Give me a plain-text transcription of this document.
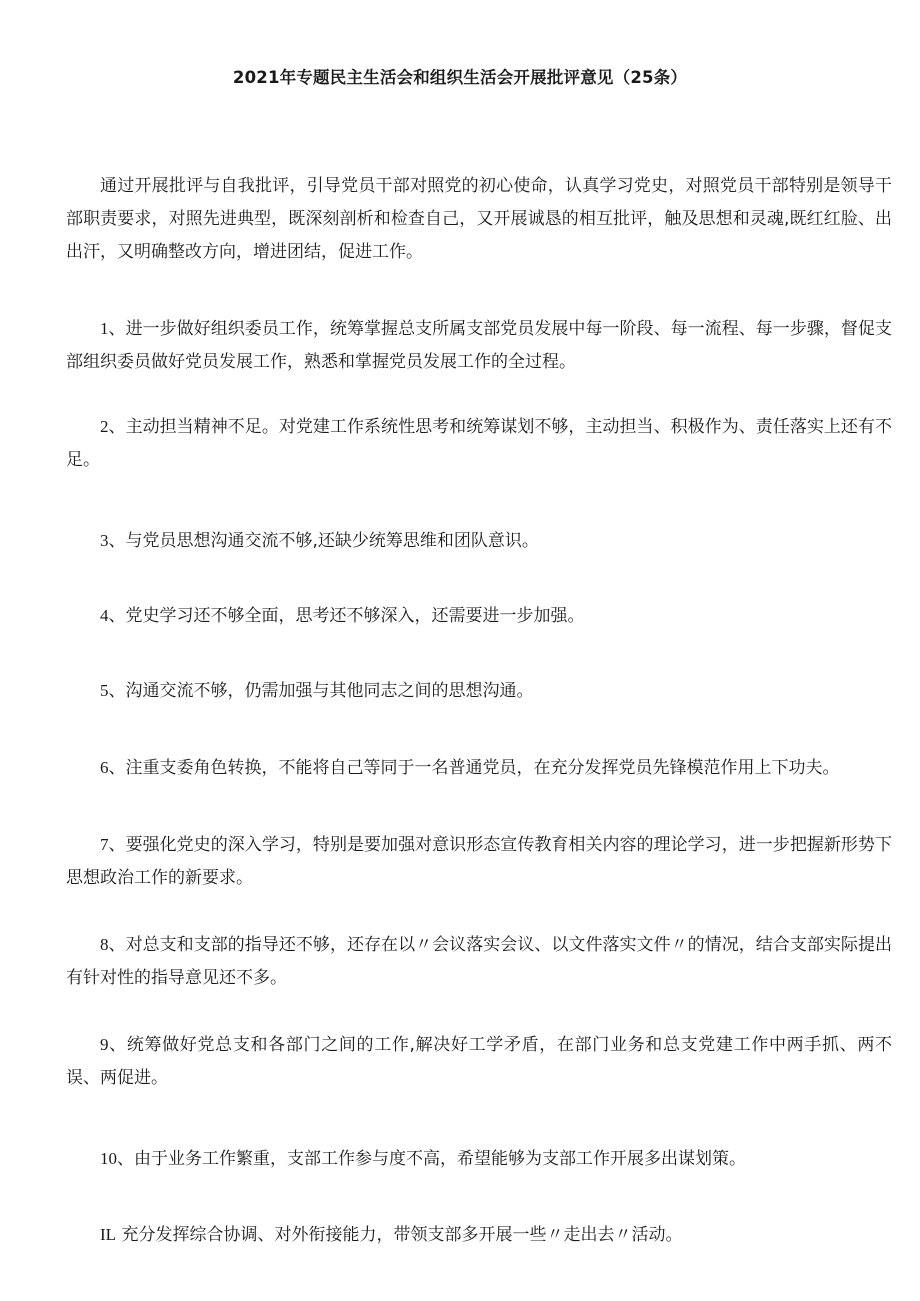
2021年专题民主生活会和组织生活会开展批评意见（25条）

通过开展批评与自我批评，引导党员干部对照党的初心使命，认真学习党史，对照党员干部特别是领导干部职责要求，对照先进典型，既深刻剖析和检查自己，又开展诚恳的相互批评，触及思想和灵魂,既红红脸、出出汗，又明确整改方向，增进团结，促进工作。

1、进一步做好组织委员工作，统筹掌握总支所属支部党员发展中每一阶段、每一流程、每一步骤，督促支部组织委员做好党员发展工作，熟悉和掌握党员发展工作的全过程。

2、主动担当精神不足。对党建工作系统性思考和统筹谋划不够，主动担当、积极作为、责任落实上还有不足。

3、与党员思想沟通交流不够,还缺少统筹思维和团队意识。

4、党史学习还不够全面，思考还不够深入，还需要进一步加强。

5、沟通交流不够，仍需加强与其他同志之间的思想沟通。

6、注重支委角色转换，不能将自己等同于一名普通党员，在充分发挥党员先锋模范作用上下功夫。

7、要强化党史的深入学习，特别是要加强对意识形态宣传教育相关内容的理论学习，进一步把握新形势下思想政治工作的新要求。

8、对总支和支部的指导还不够，还存在以〃会议落实会议、以文件落实文件〃的情况，结合支部实际提出有针对性的指导意见还不多。

9、统筹做好党总支和各部门之间的工作,解决好工学矛盾，在部门业务和总支党建工作中两手抓、两不误、两促进。

10、由于业务工作繁重，支部工作参与度不高，希望能够为支部工作开展多出谋划策。

IL 充分发挥综合协调、对外衔接能力，带领支部多开展一些〃走出去〃活动。
